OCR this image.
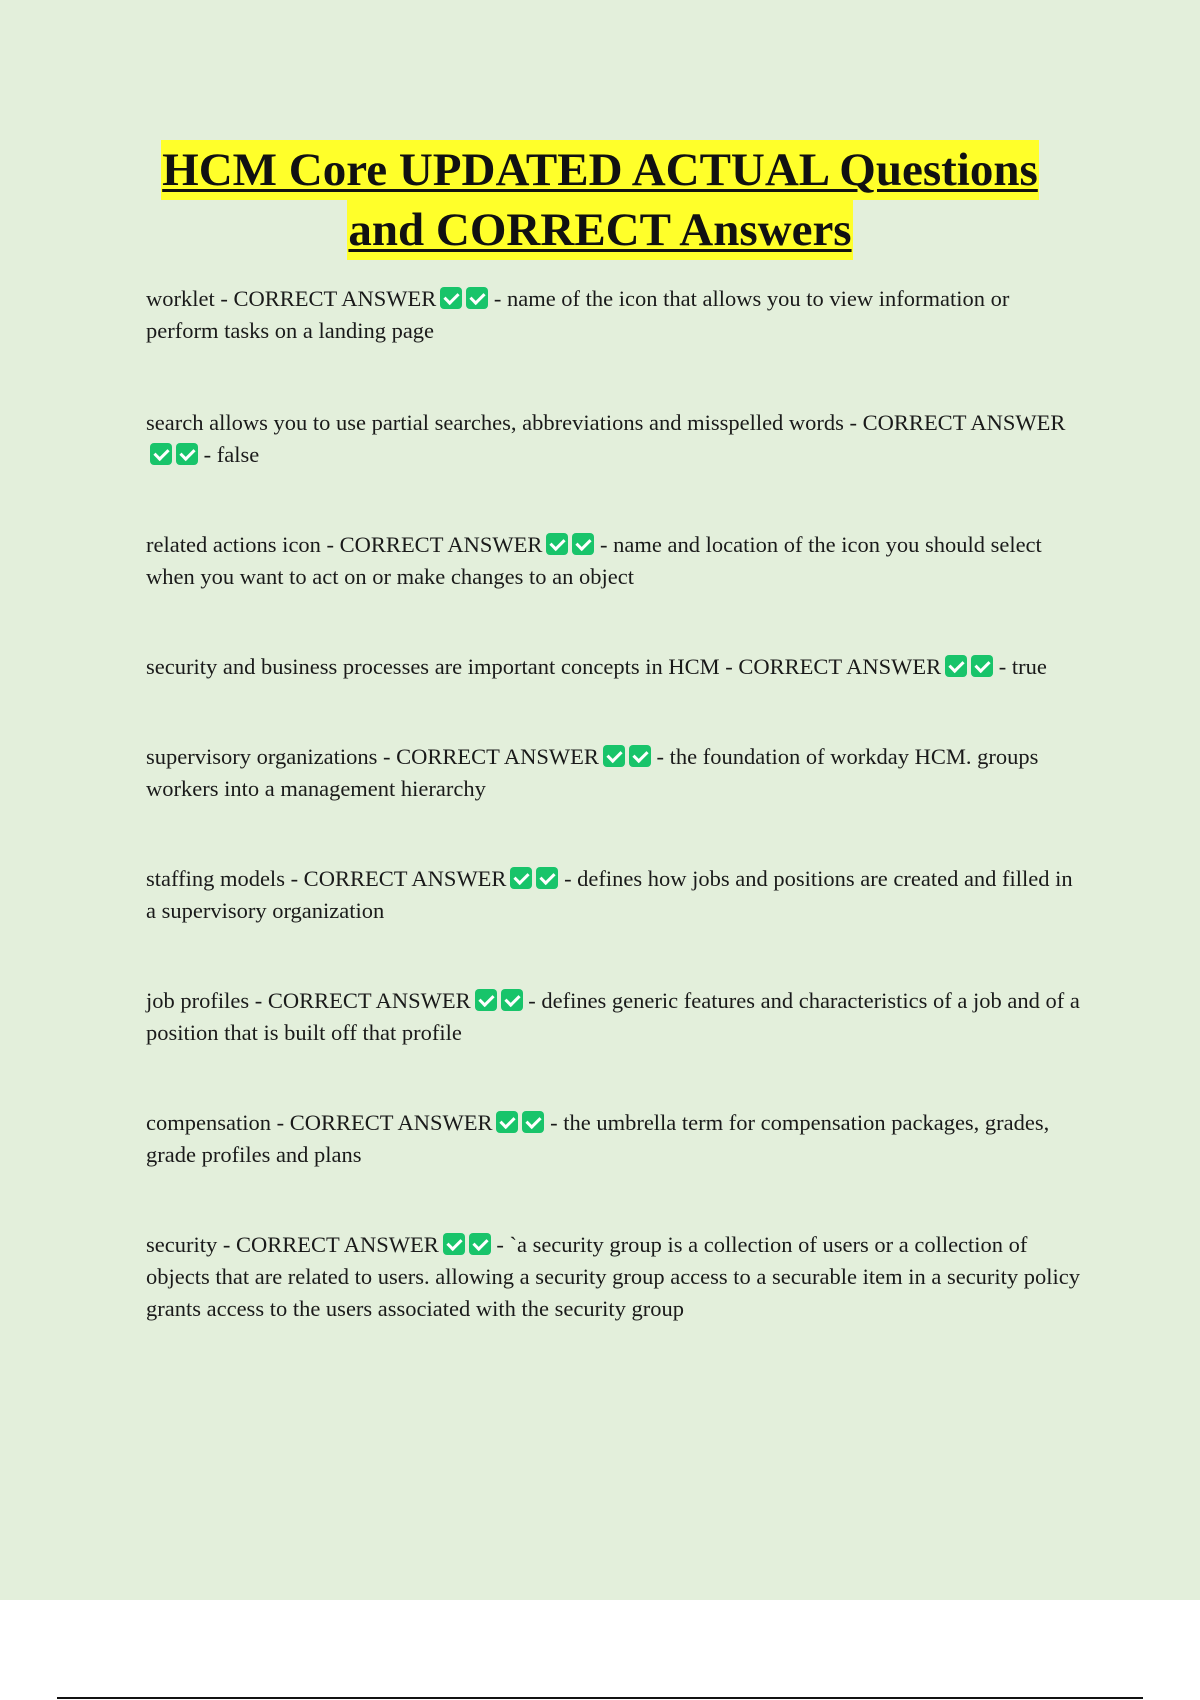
HCM Core UPDATED ACTUAL Questions
and CORRECT Answers

worklet - CORRECT ANSWER	- name of the icon that allows you to view information or perform tasks on a landing page

search allows you to use partial searches, abbreviations and misspelled words - CORRECT ANSWER - false

related actions icon - CORRECT ANSWER	- name and location of the icon you should select when you want to act on or make changes to an object

security and business processes are important concepts in HCM - CORRECT ANSWER	- true

supervisory organizations - CORRECT ANSWER	- the foundation of workday HCM. groups workers into a management hierarchy

staffing models - CORRECT ANSWER	- defines how jobs and positions are created and filled in a supervisory organization

job profiles - CORRECT ANSWER	- defines generic features and characteristics of a job and of a position that is built off that profile

compensation - CORRECT ANSWER	- the umbrella term for compensation packages, grades, grade profiles and plans

security - CORRECT ANSWER	- `a security group is a collection of users or a collection of objects that are related to users. allowing a security group access to a securable item in a security policy grants access to the users associated with the security group
